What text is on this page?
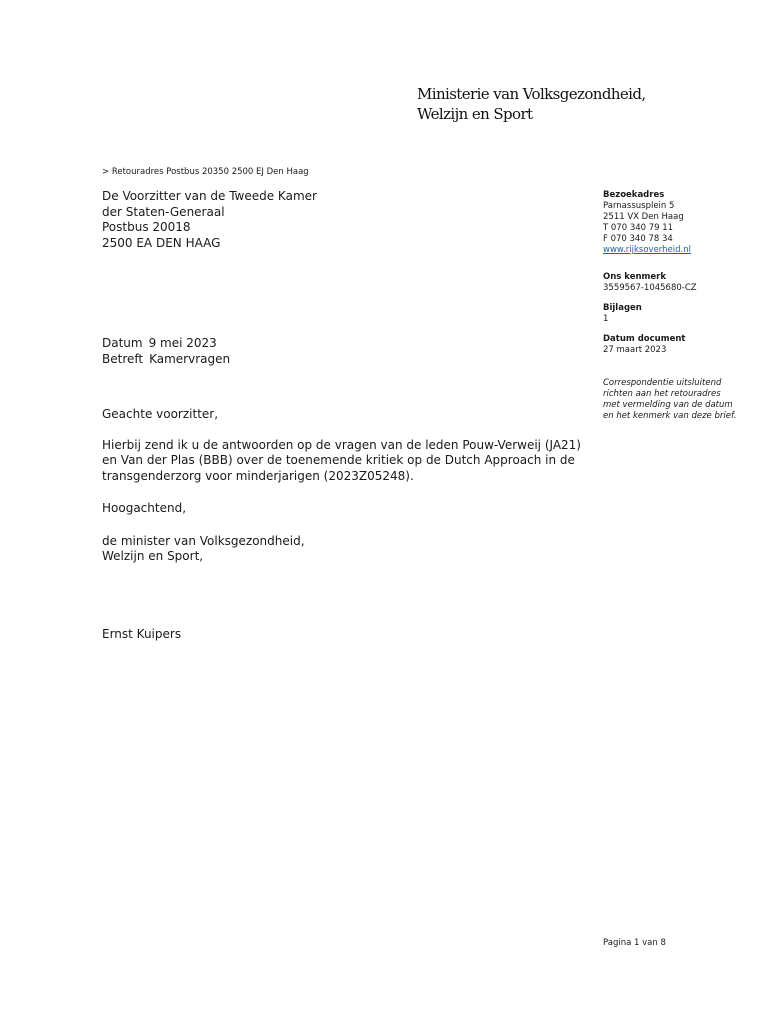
Ministerie van Volksgezondheid,
Welzijn en Sport
> Retouradres Postbus 20350 2500 EJ Den Haag
De Voorzitter van de Tweede Kamer
der Staten-Generaal
Postbus 20018
2500 EA DEN HAAG
Datum 9 mei 2023
Betreft Kamervragen

Geachte voorzitter,

Hierbij zend ik u de antwoorden op de vragen van de leden Pouw-Verweij (JA21) en Van der Plas (BBB) over de toenemende kritiek op de Dutch Approach in de transgenderzorg voor minderjarigen (2023Z05248).

Hoogachtend,

de minister van Volksgezondheid,
Welzijn en Sport,

Ernst Kuipers
Bezoekadres
Parnassusplein 5
2511 VX Den Haag
T 070 340 79 11
F 070 340 78 34
www.rijksoverheid.nl
Ons kenmerk
3559567-1045680-CZ
Bijlagen
1
Datum document
27 maart 2023
Correspondentie uitsluitend richten aan het retouradres met vermelding van de datum en het kenmerk van deze brief.
Pagina 1 van 8
